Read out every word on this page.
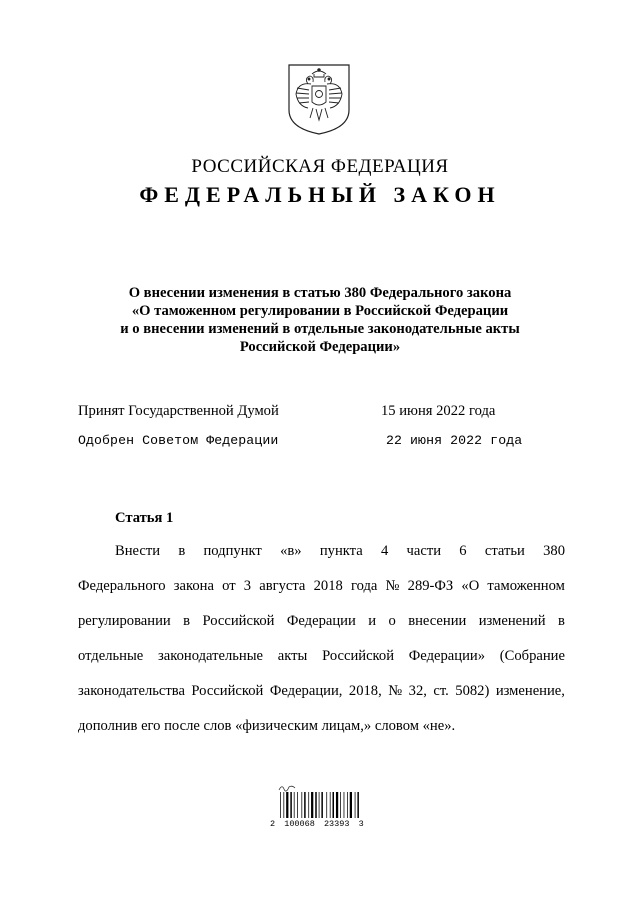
РОССИЙСКАЯ ФЕДЕРАЦИЯ
ФЕДЕРАЛЬНЫЙ ЗАКОН
О внесении изменения в статью 380 Федерального закона
«О таможенном регулировании в Российской Федерации
и о внесении изменений в отдельные законодательные акты
Российской Федерации»
Принят Государственной Думой	15 июня 2022 года
Одобрен Советом Федерации	22 июня 2022 года
Статья 1
Внести в подпункт «в» пункта 4 части 6 статьи 380
Федерального закона от 3 августа 2018 года № 289-ФЗ «О таможенном
регулировании в Российской Федерации и о внесении изменений в
отдельные законодательные акты Российской Федерации» (Собрание
законодательства Российской Федерации, 2018, № 32, ст. 5082) изменение,
дополнив его после слов «физическим лицам,» словом «не».
2 100068 23393 3
